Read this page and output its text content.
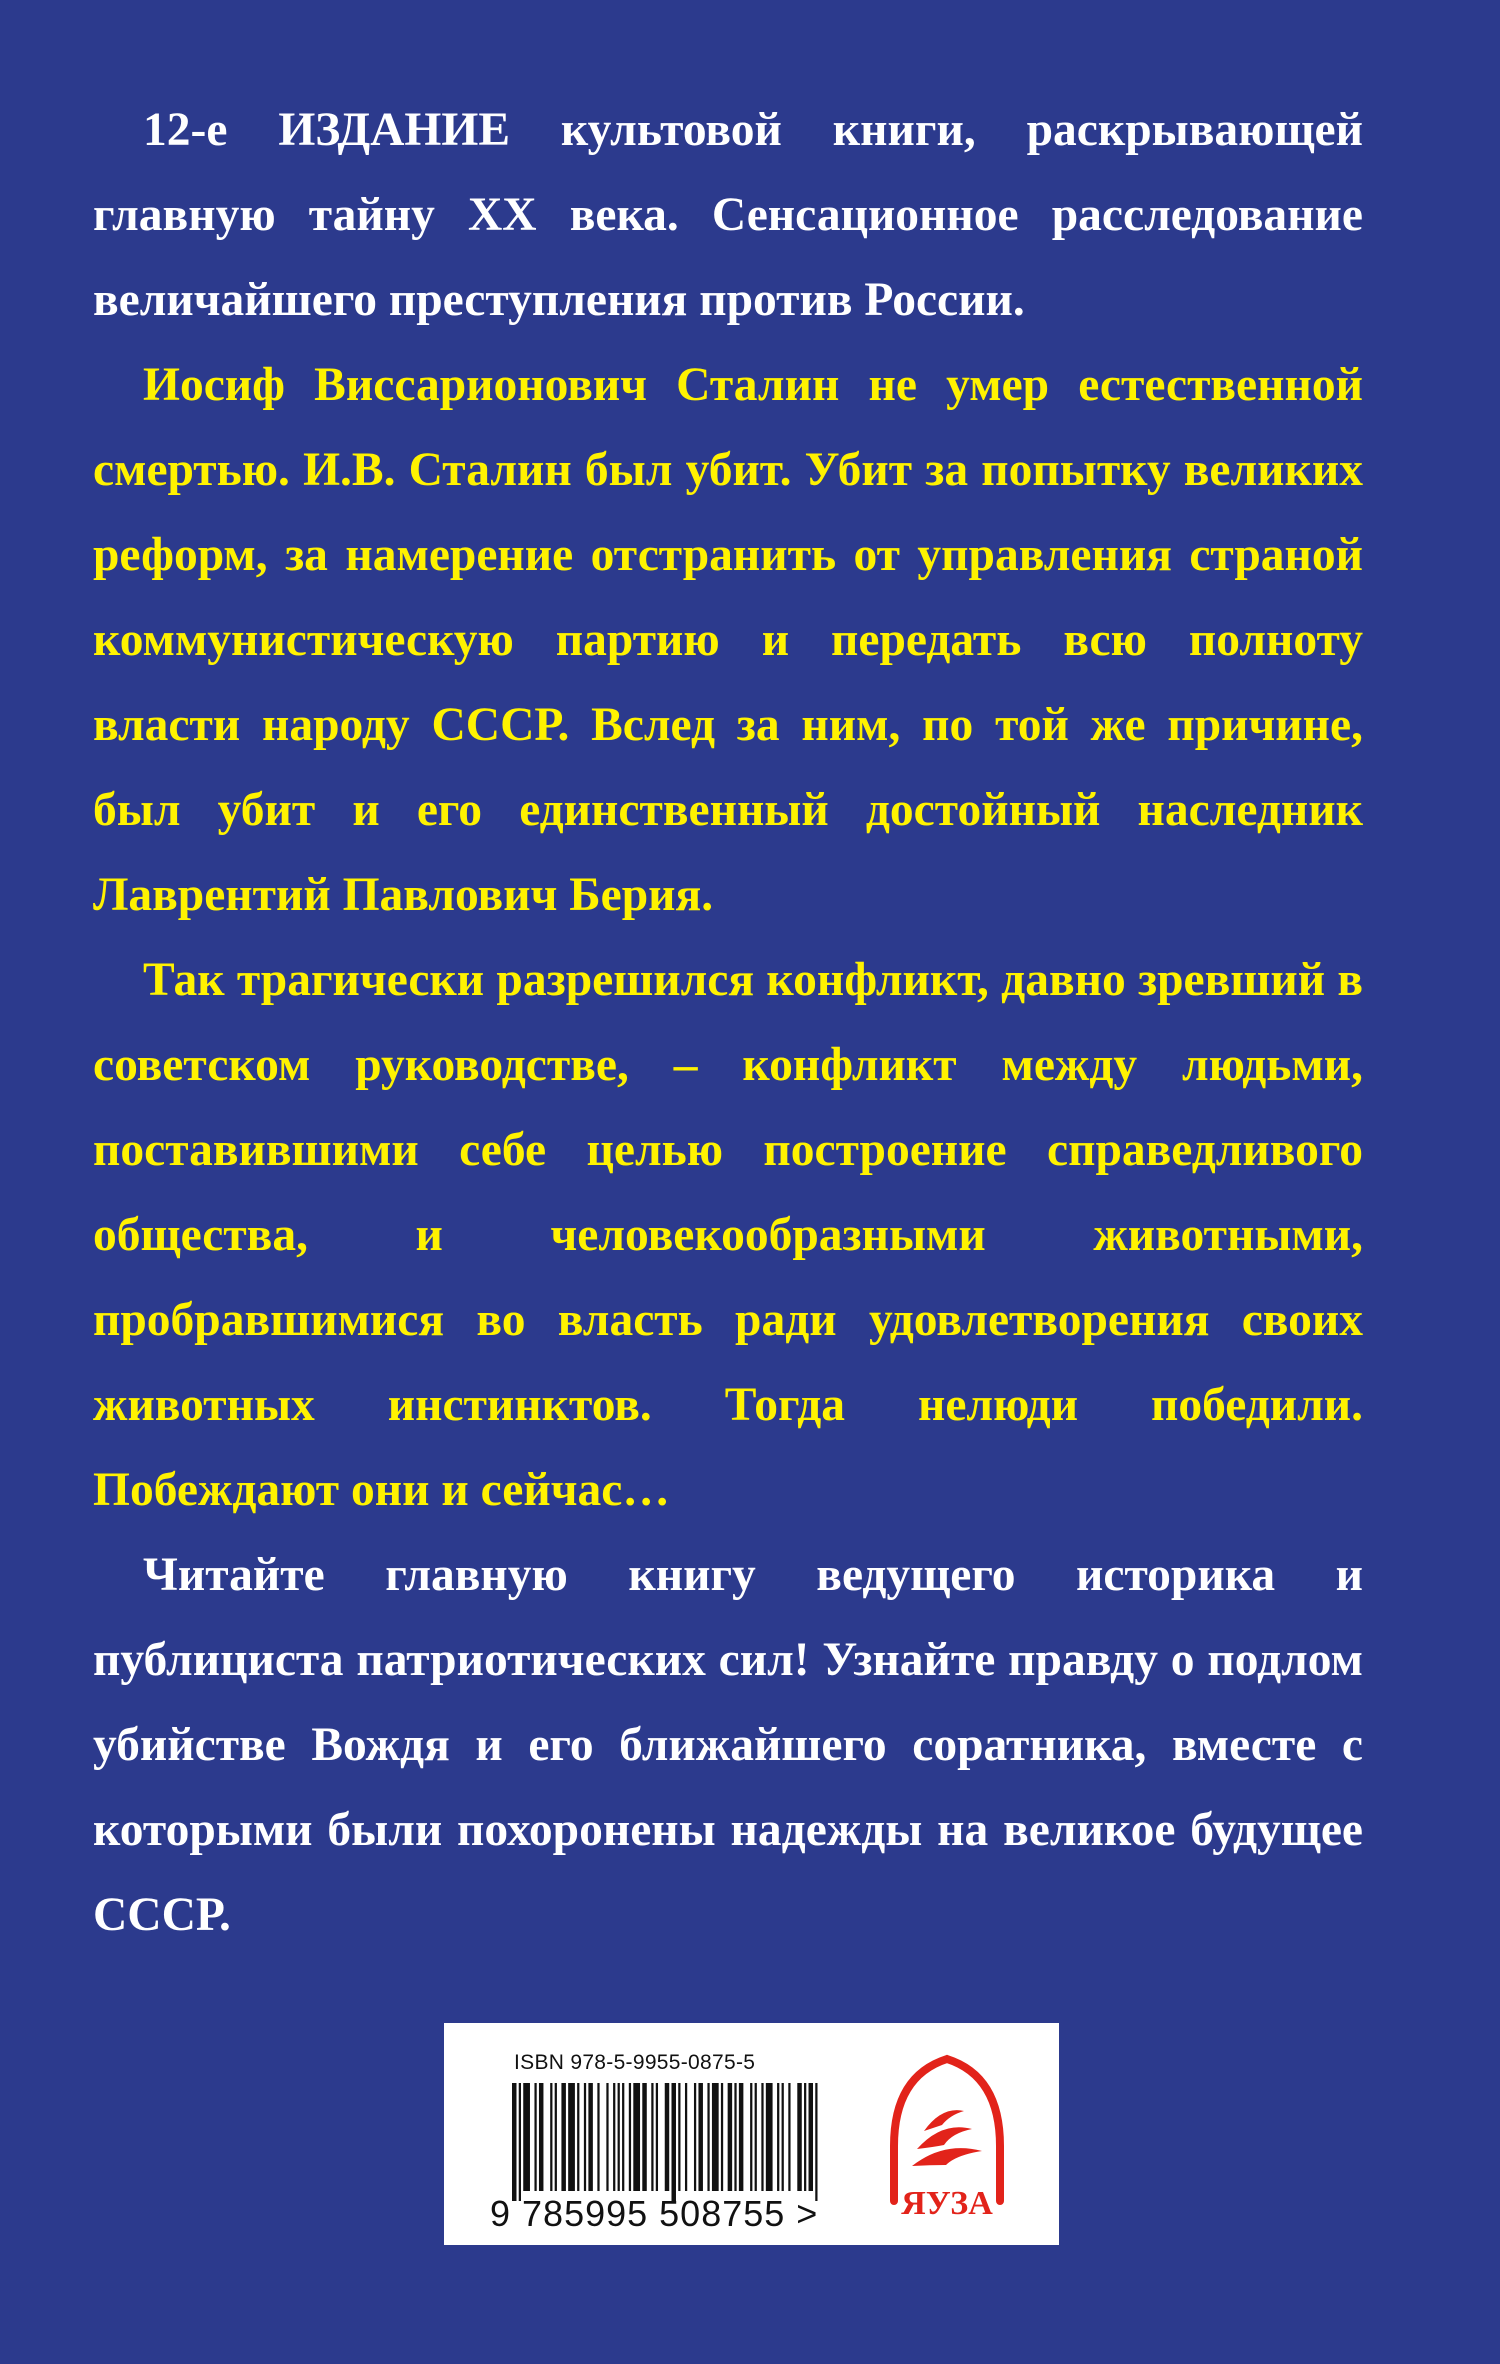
12-е ИЗДАНИЕ культовой книги, раскрывающей главную тайну XX века. Сенсационное расследование величайшего преступления против России.

Иосиф Виссарионович Сталин не умер естественной смертью. И.В. Сталин был убит. Убит за попытку великих реформ, за намерение отстранить от управления страной коммунистическую партию и передать всю полноту власти народу СССР. Вслед за ним, по той же причине, был убит и его единственный достойный наследник Лаврентий Павлович Берия.

Так трагически разрешился конфликт, давно зревший в советском руководстве, – конфликт между людьми, поставившими себе целью построение справедливого общества, и человекообразными животными, пробравшимися во власть ради удовлетворения своих животных инстинктов. Тогда нелюди победили. Побеждают они и сейчас…

Читайте главную книгу ведущего историка и публициста патриотических сил! Узнайте правду о подлом убийстве Вождя и его ближайшего соратника, вместе с которыми были похоронены надежды на великое будущее СССР.

ISBN 978-5-9955-0875-5
9 785995 508755 > ЯУЗА
